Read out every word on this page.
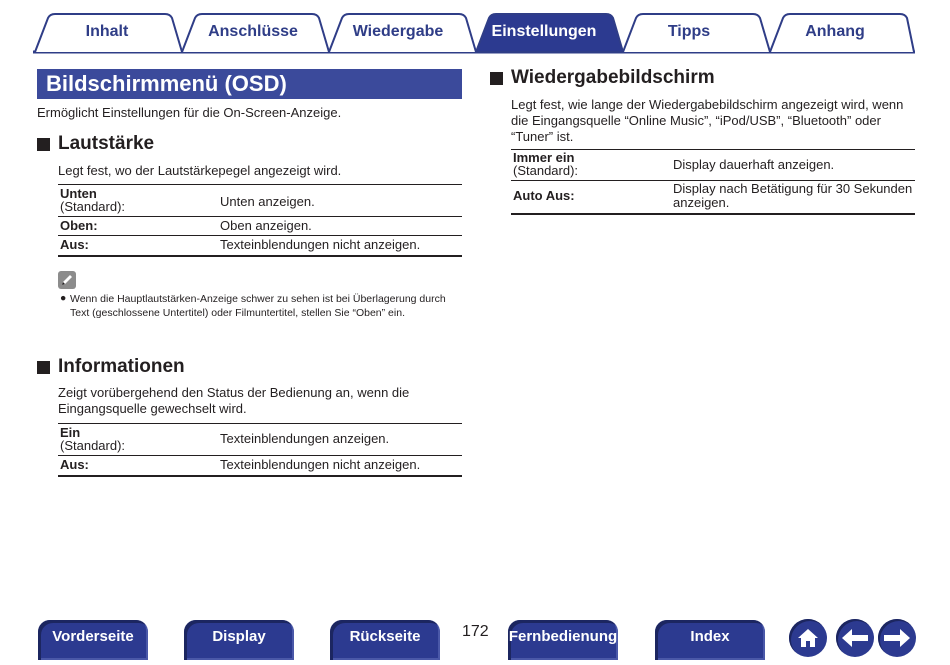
Inhalt	Anschlüsse	Wiedergabe	Einstellungen	Tipps	Anhang
Bildschirmmenü (OSD)
Ermöglicht Einstellungen für die On-Screen-Anzeige.
Lautstärke
Legt fest, wo der Lautstärkepegel angezeigt wird.
Unten
(Standard):	Unten anzeigen.
Oben:	Oben anzeigen.
Aus:	Texteinblendungen nicht anzeigen.
● Wenn die Hauptlautstärken-Anzeige schwer zu sehen ist bei Überlagerung durch Text (geschlossene Untertitel) oder Filmuntertitel, stellen Sie “Oben” ein.
Informationen
Zeigt vorübergehend den Status der Bedienung an, wenn die Eingangsquelle gewechselt wird.
Ein
(Standard):	Texteinblendungen anzeigen.
Aus:	Texteinblendungen nicht anzeigen.
Wiedergabebildschirm
Legt fest, wie lange der Wiedergabebildschirm angezeigt wird, wenn die Eingangsquelle “Online Music”, “iPod/USB”, “Bluetooth” oder “Tuner” ist.
Immer ein
(Standard):	Display dauerhaft anzeigen.
Auto Aus:	Display nach Betätigung für 30 Sekunden anzeigen.
Vorderseite	Display	Rückseite	172 Fernbedienung	Index
